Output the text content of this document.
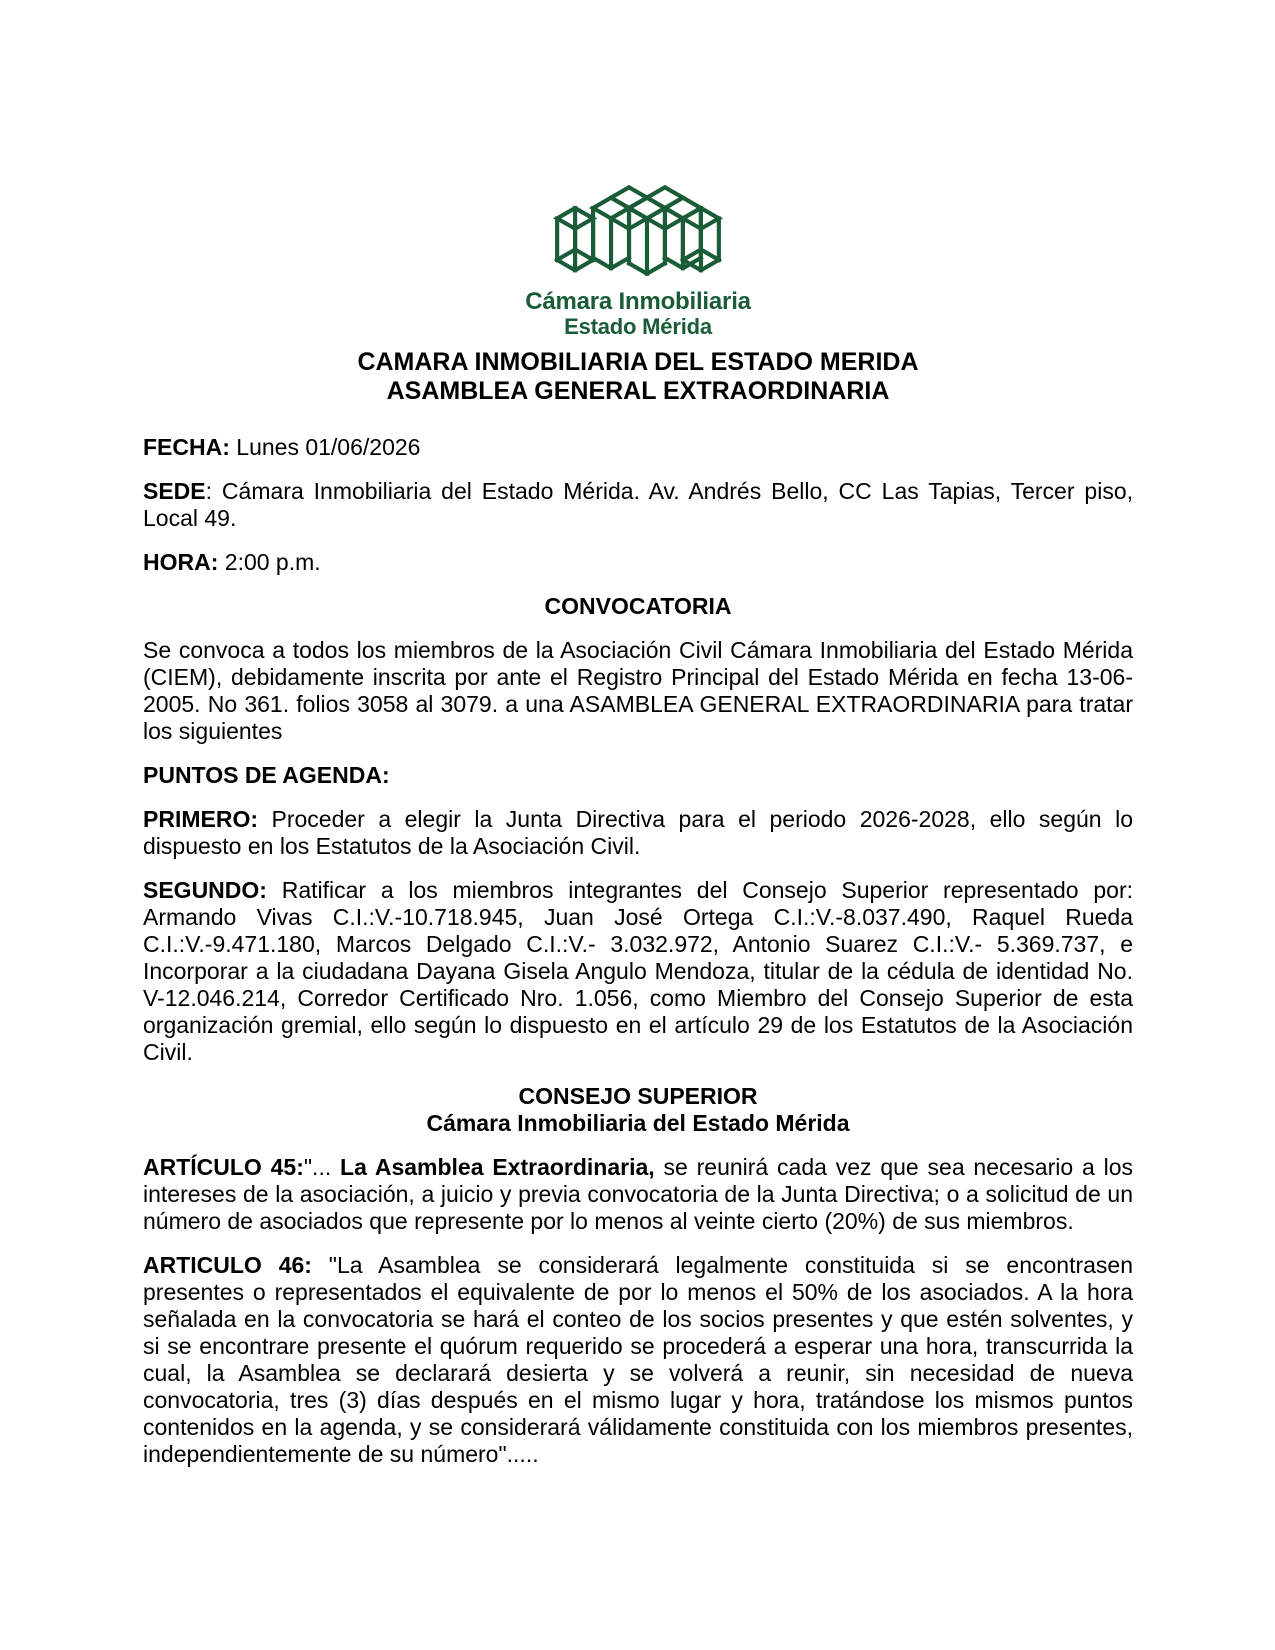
Cámara Inmobiliaria
Estado Mérida
CAMARA INMOBILIARIA DEL ESTADO MERIDA
ASAMBLEA GENERAL EXTRAORDINARIA

FECHA: Lunes 01/06/2026

SEDE: Cámara Inmobiliaria del Estado Mérida. Av. Andrés Bello, CC Las Tapias, Tercer piso, Local 49.

HORA: 2:00 p.m.

CONVOCATORIA

Se convoca a todos los miembros de la Asociación Civil Cámara Inmobiliaria del Estado Mérida (CIEM), debidamente inscrita por ante el Registro Principal del Estado Mérida en fecha 13-06-2005. No 361. folios 3058 al 3079. a una ASAMBLEA GENERAL EXTRAORDINARIA para tratar los siguientes

PUNTOS DE AGENDA:

PRIMERO: Proceder a elegir la Junta Directiva para el periodo 2026-2028, ello según lo dispuesto en los Estatutos de la Asociación Civil.

SEGUNDO: Ratificar a los miembros integrantes del Consejo Superior representado por: Armando Vivas C.I.:V.-10.718.945, Juan José Ortega C.I.:V.-8.037.490, Raquel Rueda C.I.:V.-9.471.180, Marcos Delgado C.I.:V.- 3.032.972, Antonio Suarez C.I.:V.- 5.369.737, e Incorporar a la ciudadana Dayana Gisela Angulo Mendoza, titular de la cédula de identidad No. V-12.046.214, Corredor Certificado Nro. 1.056, como Miembro del Consejo Superior de esta organización gremial, ello según lo dispuesto en el artículo 29 de los Estatutos de la Asociación Civil.

CONSEJO SUPERIOR

Cámara Inmobiliaria del Estado Mérida

ARTÍCULO 45:"... La Asamblea Extraordinaria, se reunirá cada vez que sea necesario a los intereses de la asociación, a juicio y previa convocatoria de la Junta Directiva; o a solicitud de un número de asociados que represente por lo menos al veinte cierto (20%) de sus miembros.

ARTICULO 46: "La Asamblea se considerará legalmente constituida si se encontrasen presentes o representados el equivalente de por lo menos el 50% de los asociados. A la hora señalada en la convocatoria se hará el conteo de los socios presentes y que estén solventes, y si se encontrare presente el quórum requerido se procederá a esperar una hora, transcurrida la cual, la Asamblea se declarará desierta y se volverá a reunir, sin necesidad de nueva convocatoria, tres (3) días después en el mismo lugar y hora, tratándose los mismos puntos contenidos en la agenda, y se considerará válidamente constituida con los miembros presentes, independientemente de su número".....
